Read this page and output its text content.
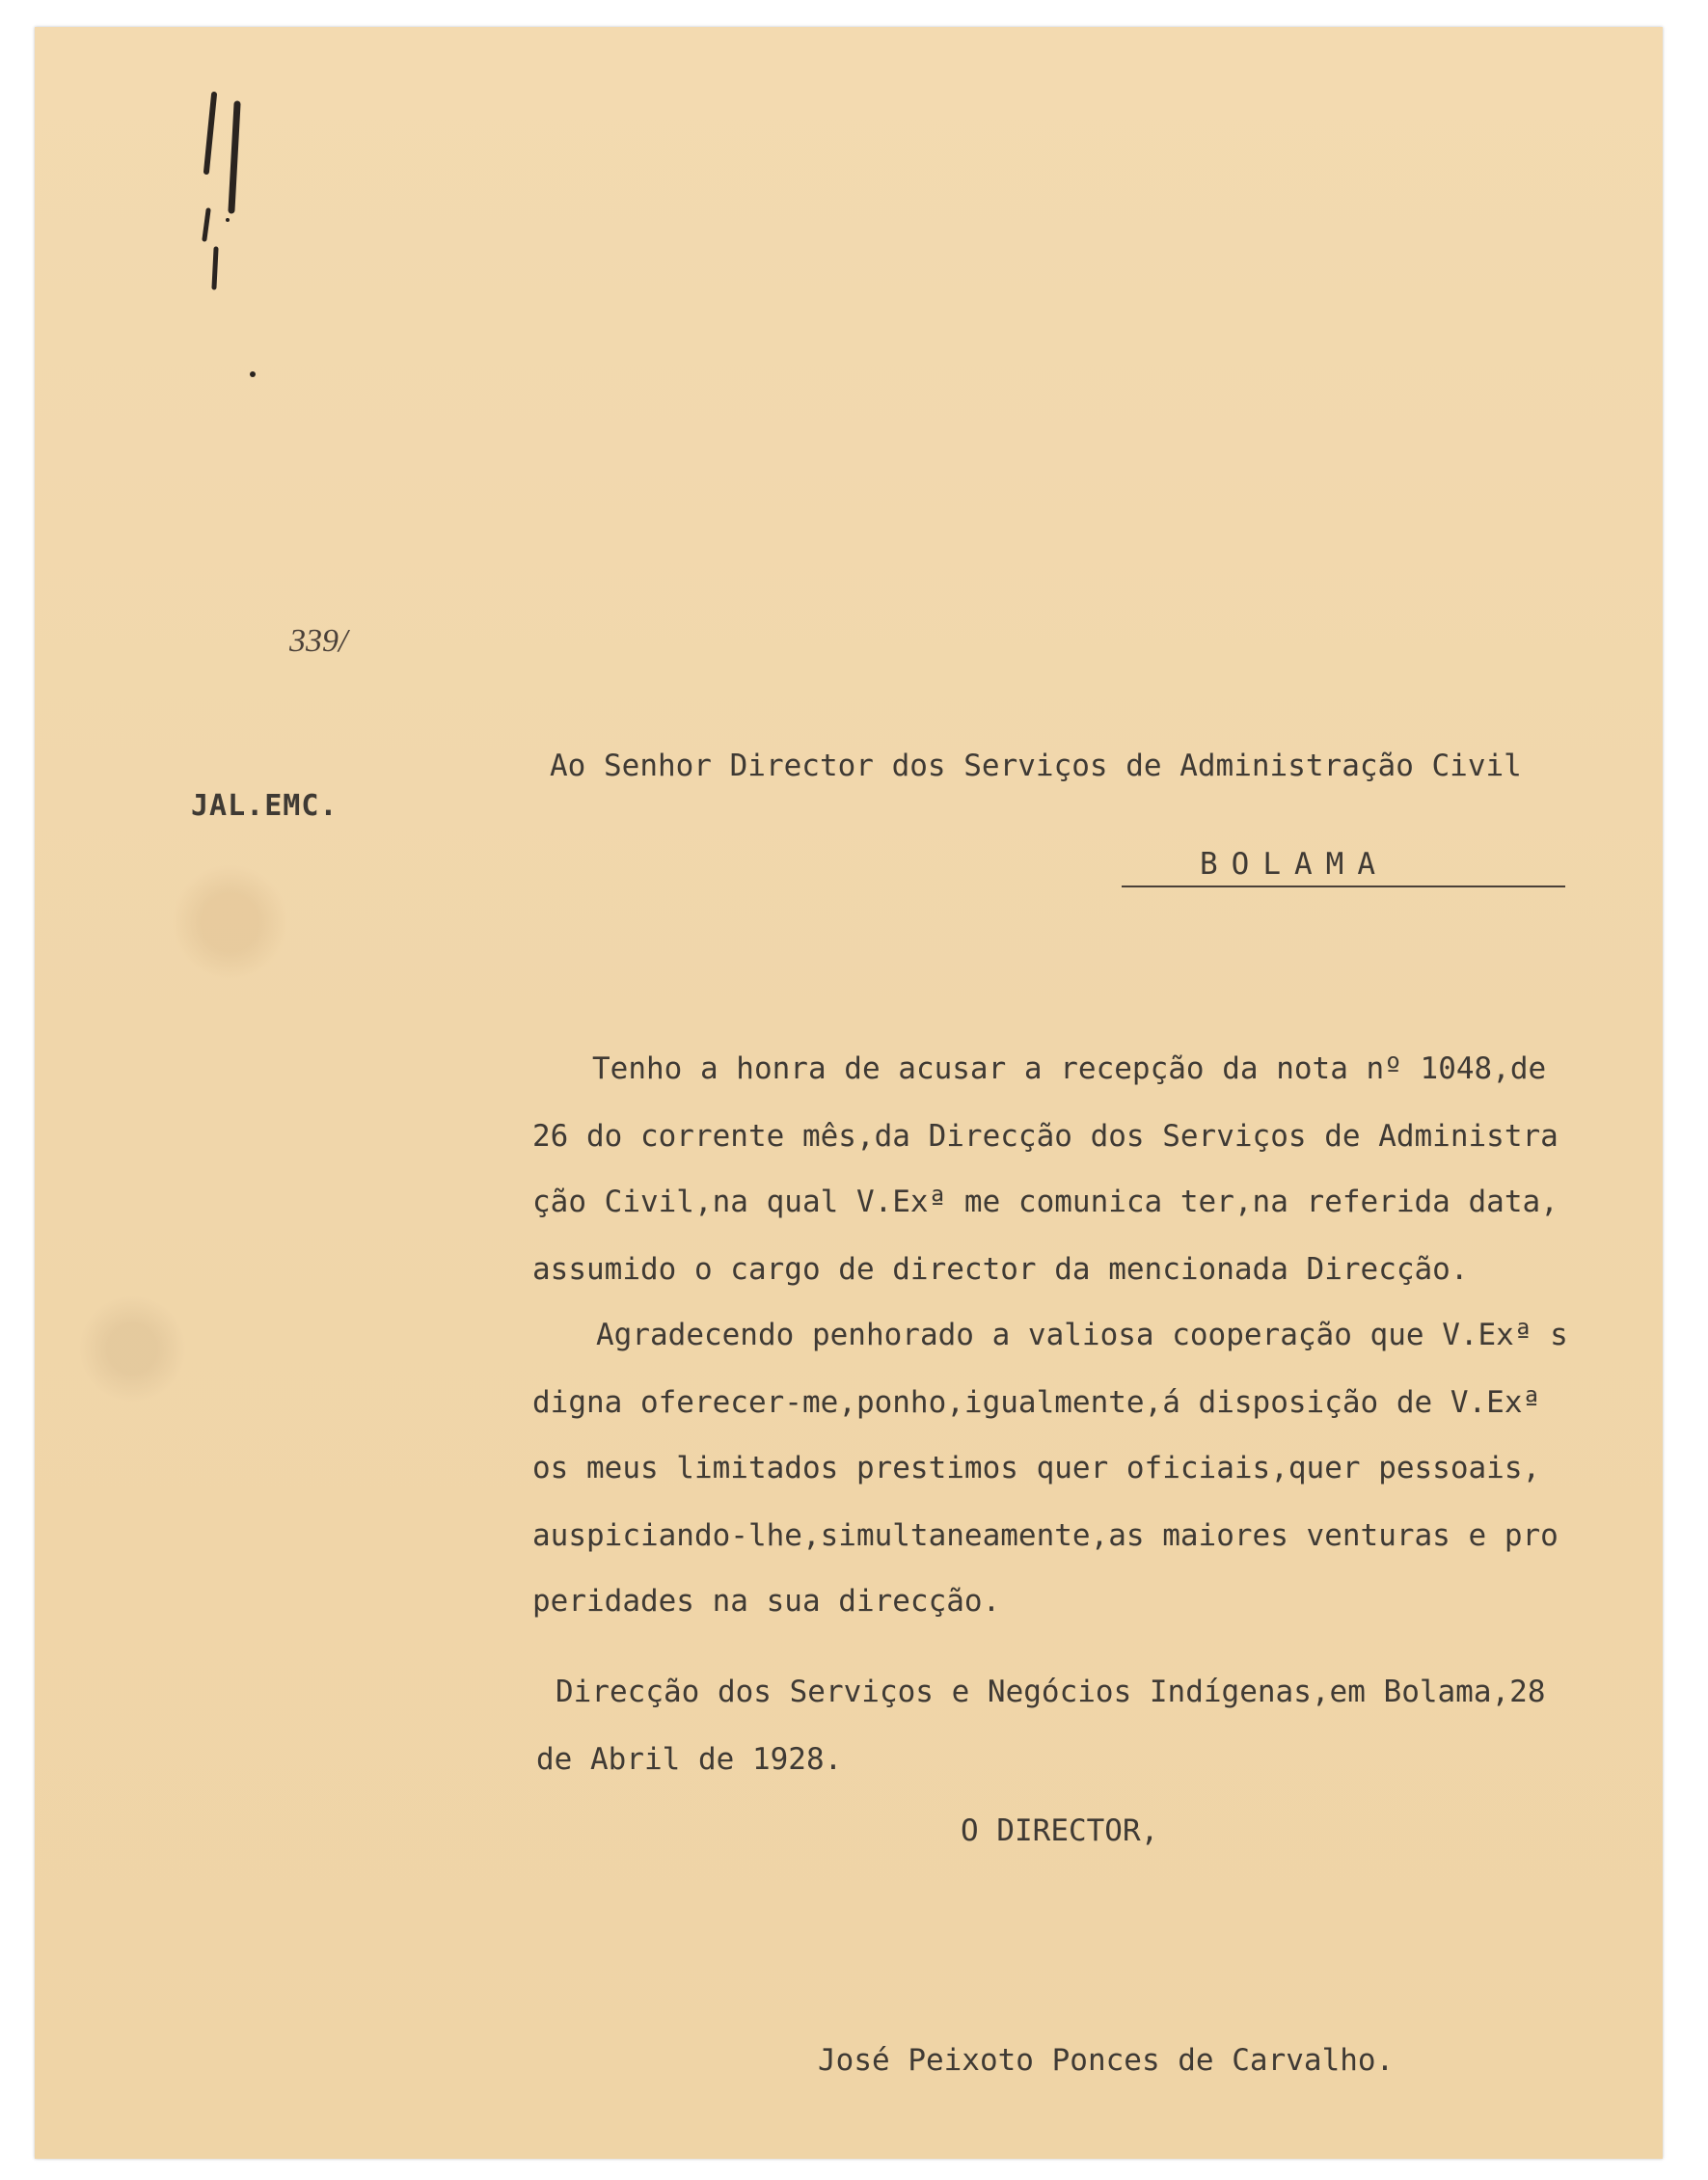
339/
JAL.EMC.
Ao Senhor Director dos Serviços de Administração Civil
BOLAMA
Tenho a honra de acusar a recepção da nota nº 1048,de
26 do corrente mês,da Direcção dos Serviços de Administra
ção Civil,na qual V.Exª me comunica ter,na referida data,
assumido o cargo de director da mencionada Direcção.
Agradecendo penhorado a valiosa cooperação que V.Exª s
digna oferecer-me,ponho,igualmente,á disposição de V.Exª
os meus limitados prestimos quer oficiais,quer pessoais,
auspiciando-lhe,simultaneamente,as maiores venturas e pro
peridades na sua direcção.
Direcção dos Serviços e Negócios Indígenas,em Bolama,28
de Abril de 1928.
O DIRECTOR,
José Peixoto Ponces de Carvalho.
